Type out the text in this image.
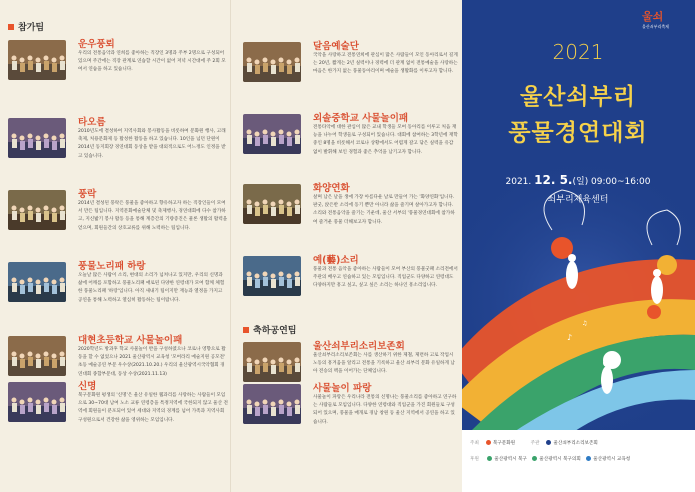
참가팀
운우풍뢰
우리의 전통음악과 연희를 좋아하는 직장인 3명과 주부 2명으로 구성되어 있으며 주간에는 직장 관계로 연습할 시간이 없어 저녁 시간대에 주 2회 모여서 연습을 하고 있습니다.
타오름
2010년도에 결성하여 지역사회와 봉사활동을 비롯하여 문화원 행사, 고래축제, 처용문화제 등 활성한 활동을 하고 있습니다. 10인을 넘던 단원이 2014년 동지회장 경연대회 동상을 받을 대외적으로도 어느정도 인정을 받고 있습니다.
풍락
2014년 결성된 풍락은 풍물을 좋아하고 향유하고자 하는 직장인들이 모여서 만든 팀입니다. 지역문화예술단체 및 축제행사, 경연대회에 다수 참가하고, 지신밟기 봉사 활동 등을 통해 계층간의 기량증진은 물론 생활의 활력을 얻으며, 회원들간의 상호교류를 위해 노력하는 팀입니다.
풍물노리패 하랑
오늘날 많은 사람이 소리, 현대의 소리가 넘쳐나고 있지만, 우리의 신명과 삶에 어깨를 포함하고 풍물노리패 애로된 다양한 연령대가 모여 함께 체험 한 풍물노리패 '하랑'입니다. 아직 새내기 팀이지만 재능과 열정을 가지고 공연을 통해 노력하고 열심히 활동하는 팀이랍니다.
대현초등학교 사물놀이패
2020학년도 방과후 학교 사물놀이 반을 구성하였으나 코로나 영향으로 활동을 할 수 없었으나 2021 울산광역시 교육청 '모여라리 예술지원 공모전' 초등 예술공연 부문 우수상(2021.10.20.) 우리의 울산광역시국악협회 경연대회 종합부문대, 동상 수상(2021.11.13)
신명
북구문화원 평생의 '신명'은 울산 유일한 웹과리를 사랑하는 사람들이 모임으로 30~70대 남여 노소 교류 연령층을 특정지역에 국한되지 않고 울산 전역에 회원들이 분포되어 있어 세대와 지역의 경계를 넘어 가족과 지역사회 구성원으로서 건강한 삶을 영위하는 모임입니다.
달음예술단
국악을 사랑하고 전통연희에 관심이 많은 사람들이 모인 동아리로서 길게는 20년, 짧게는 2년 실력이나 경력에 더 관계 없이 전통예술을 사랑하는 마음은 한가지 없는 풍물동아리이며 예술을 생활화를 이루고자 합니다.
외솔중학교 사물놀이패
전통타악에 대한 관심이 많은 교내 학생들 모여 동아리를 이루고 처음 재능을 나누어 학생들로 구성되어 있습니다. 대회에 참여하는 3학년에 재학중인 8명을 비롯해서 코로나 상황에서도 어렵게 갈고 닦은 실력을 유감 없이 발휘해 보인 경험과 좋은 추억을 남기고자 합니다.
화양연화
살며 남은 날을 생애 가장 아름다운 날로 만들어 가는 '화양연화'입니다. 판굿, 앉은반 소리에 동기 뿐만 아니라 삶을 즐기며 살아가고자 합니다. 소리와 전통음악을 즐기는 기운데, 울산 서부의 '풍물경연대회에 참가하여 즐거운 풍물 더해보고자 합니다.
예(藝)소리
풍물과 전통 음악을 좋아하는 사람들이 모여 부산의 풍물굿패 소리전에서 주관의 배우고 연습하고 있는 모임입니다. 직업군도 다양하고 연령대도 다양하지만 흥고 싶고, 싶고 싶은 소리는 하나인 흥소리입니다.
축하공연팀
울산쇠부리소리보존회
울산쇠부리소리보존회는 사를 생산하기 위한 제철, 제련하 고로 작업시 노동의 흥겨움을 알리고 전통을 기록하고 울산 쇠부리 문화 유일하게 남아 전승의 맥을 이어가는 단체입니다.
사물놀이 파랑
사물놀이 파랑은 우리나라 전통의 신명나는 풍물소리를 좋아하고 연구하는 사람들로 모임입니다. 다양한 연령대와 직업군을 가진 회원들로 구성되어 있으며, 풍물을 매개로 경남 창원 등 울산 지역에서 공연을 하고 있습니다.
♪
♫
울쇠
울산쇠부리축제
2021
울산쇠부리
풍물경연대회
2021. 12. 5.(일) 09:00~16:00
쇠부리체육센터
주최	북구문화원	주관	울산쇠부리소리보존회
후원	울산광역시 북구	울산광역시 북구의회	울산광역시 교육청
